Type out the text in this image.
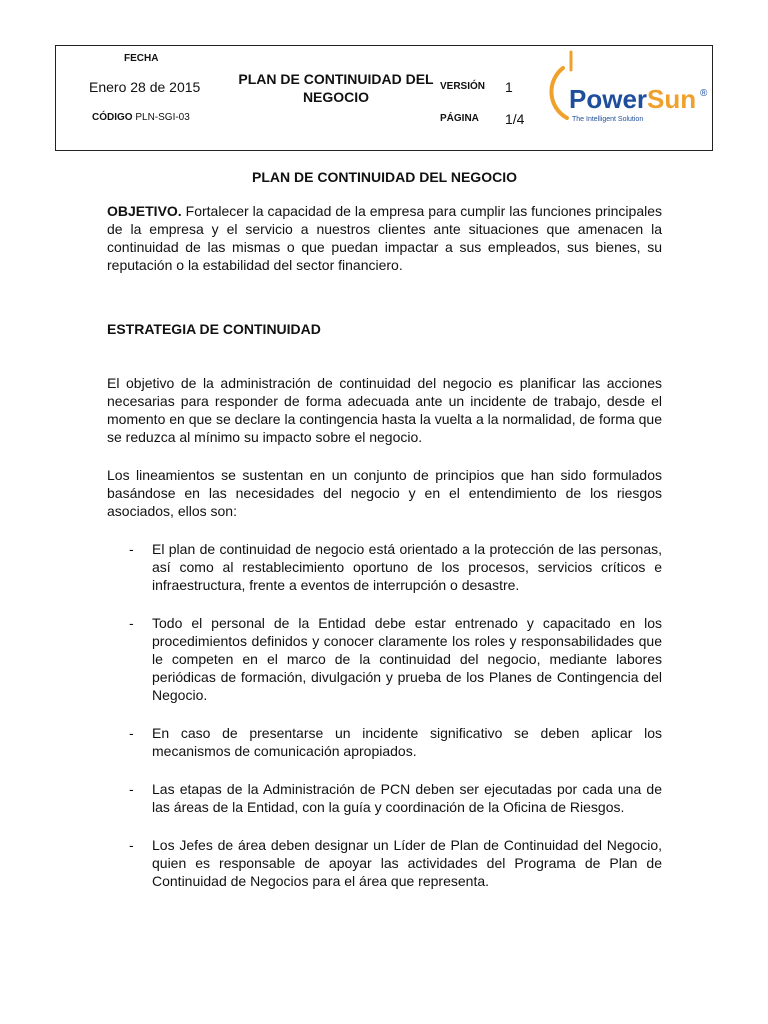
FECHA
Enero 28 de 2015
CÓDIGO PLN-SGI-03
PLAN DE CONTINUIDAD DEL NEGOCIO
VERSIÓN 1
PÁGINA 1/4
PowerSun ®
The Intelligent Solution
PLAN DE CONTINUIDAD DEL NEGOCIO

OBJETIVO. Fortalecer la capacidad de la empresa para cumplir las funciones principales de la empresa y el servicio a nuestros clientes ante situaciones que amenacen la continuidad de las mismas o que puedan impactar a sus empleados, sus bienes, su reputación o la estabilidad del sector financiero.

ESTRATEGIA DE CONTINUIDAD

El objetivo de la administración de continuidad del negocio es planificar las acciones necesarias para responder de forma adecuada ante un incidente de trabajo, desde el momento en que se declare la contingencia hasta la vuelta a la normalidad, de forma que se reduzca al mínimo su impacto sobre el negocio.

Los lineamientos se sustentan en un conjunto de principios que han sido formulados basándose en las necesidades del negocio y en el entendimiento de los riesgos asociados, ellos son:

- El plan de continuidad de negocio está orientado a la protección de las personas, así como al restablecimiento oportuno de los procesos, servicios críticos e infraestructura, frente a eventos de interrupción o desastre.
- Todo el personal de la Entidad debe estar entrenado y capacitado en los procedimientos definidos y conocer claramente los roles y responsabilidades que le competen en el marco de la continuidad del negocio, mediante labores periódicas de formación, divulgación y prueba de los Planes de Contingencia del Negocio.
- En caso de presentarse un incidente significativo se deben aplicar los mecanismos de comunicación apropiados.
- Las etapas de la Administración de PCN deben ser ejecutadas por cada una de las áreas de la Entidad, con la guía y coordinación de la Oficina de Riesgos.
- Los Jefes de área deben designar un Líder de Plan de Continuidad del Negocio, quien es responsable de apoyar las actividades del Programa de Plan de Continuidad de Negocios para el área que representa.
